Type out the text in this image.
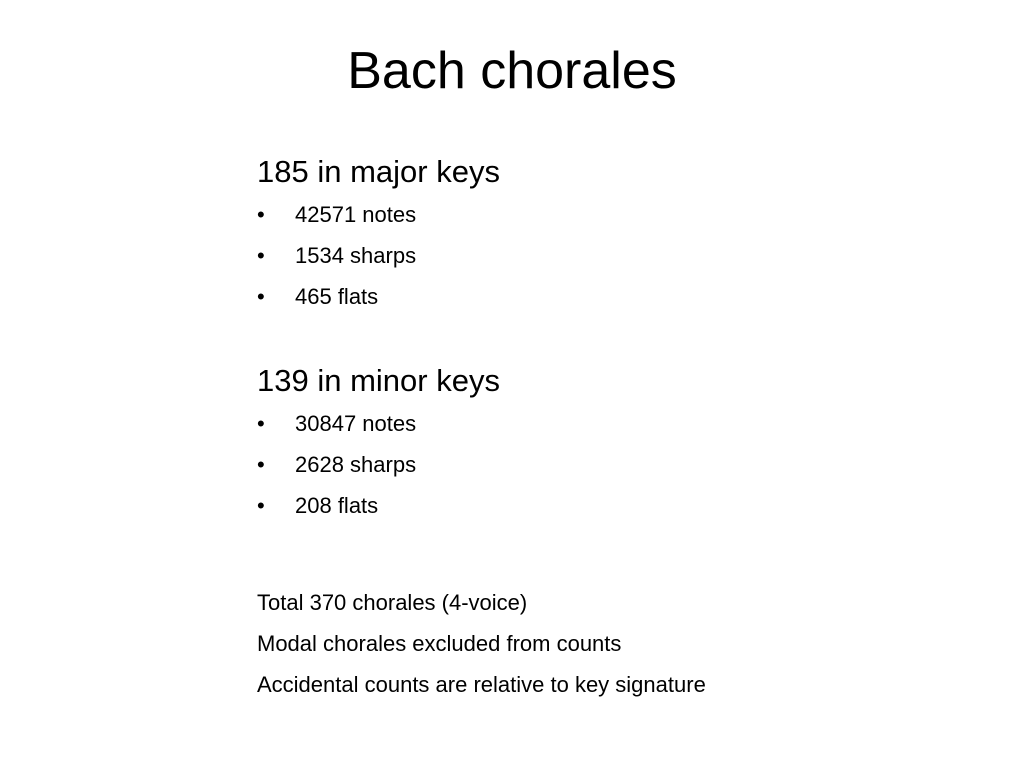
Bach chorales
185 in major keys
• 42571 notes
• 1534 sharps
• 465 flats
139 in minor keys
• 30847 notes
• 2628 sharps
• 208 flats
Total 370 chorales (4-voice)
Modal chorales excluded from counts
Accidental counts are relative to key signature
